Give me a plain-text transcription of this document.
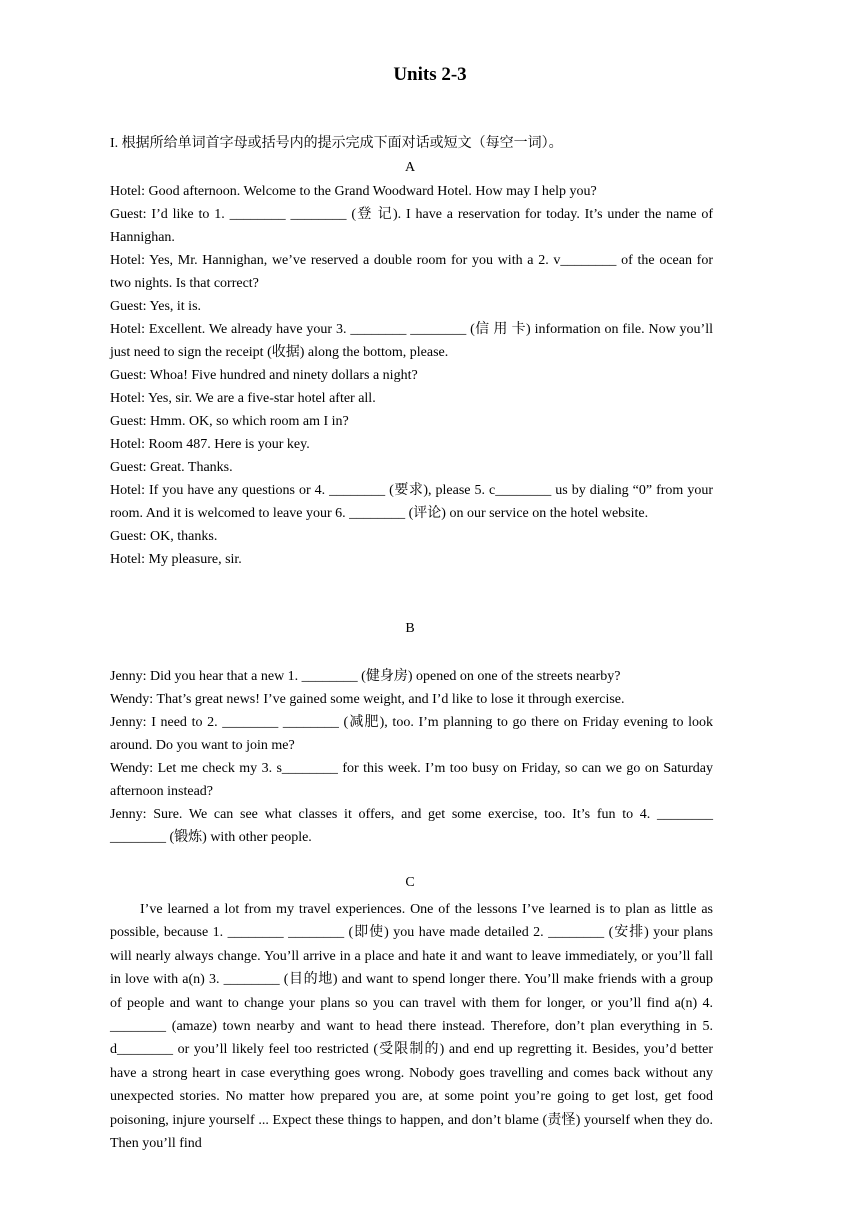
Units 2-3
I. 根据所给单词首字母或括号内的提示完成下面对话或短文（每空一词）。
A

Hotel: Good afternoon. Welcome to the Grand Woodward Hotel. How may I help you?

Guest: I’d like to 1. ________ ________ (登 记). I have a reservation for today. It’s under the name of Hannighan.

Hotel: Yes, Mr. Hannighan, we’ve reserved a double room for you with a 2. v________ of the ocean for two nights. Is that correct?

Guest: Yes, it is.

Hotel: Excellent. We already have your 3. ________ ________ (信 用 卡) information on file. Now you’ll just need to sign the receipt (收据) along the bottom, please.

Guest: Whoa! Five hundred and ninety dollars a night?

Hotel: Yes, sir. We are a five-star hotel after all.

Guest: Hmm. OK, so which room am I in?

Hotel: Room 487. Here is your key.

Guest: Great. Thanks.

Hotel: If you have any questions or 4. ________ (要求), please 5. c________ us by dialing “0” from your room. And it is welcomed to leave your 6. ________ (评论) on our service on the hotel website.

Guest: OK, thanks.

Hotel: My pleasure, sir.

B

Jenny: Did you hear that a new 1. ________ (健身房) opened on one of the streets nearby?

Wendy: That’s great news! I’ve gained some weight, and I’d like to lose it through exercise.

Jenny: I need to 2. ________ ________ (减肥), too. I’m planning to go there on Friday evening to look around. Do you want to join me?

Wendy: Let me check my 3. s________ for this week. I’m too busy on Friday, so can we go on Saturday afternoon instead?

Jenny: Sure. We can see what classes it offers, and get some exercise, too. It’s fun to 4. ________ ________ (锻炼) with other people.

C

I’ve learned a lot from my travel experiences. One of the lessons I’ve learned is to plan as little as possible, because 1. ________ ________ (即使) you have made detailed 2. ________ (安排) your plans will nearly always change. You’ll arrive in a place and hate it and want to leave immediately, or you’ll fall in love with a(n) 3. ________ (目的地) and want to spend longer there. You’ll make friends with a group of people and want to change your plans so you can travel with them for longer, or you’ll find a(n) 4. ________ (amaze) town nearby and want to head there instead. Therefore, don’t plan everything in 5. d________ or you’ll likely feel too restricted (受限制的) and end up regretting it. Besides, you’d better have a strong heart in case everything goes wrong. Nobody goes travelling and comes back without any unexpected stories. No matter how prepared you are, at some point you’re going to get lost, get food poisoning, injure yourself ... Expect these things to happen, and don’t blame (责怪) yourself when they do. Then you’ll find
